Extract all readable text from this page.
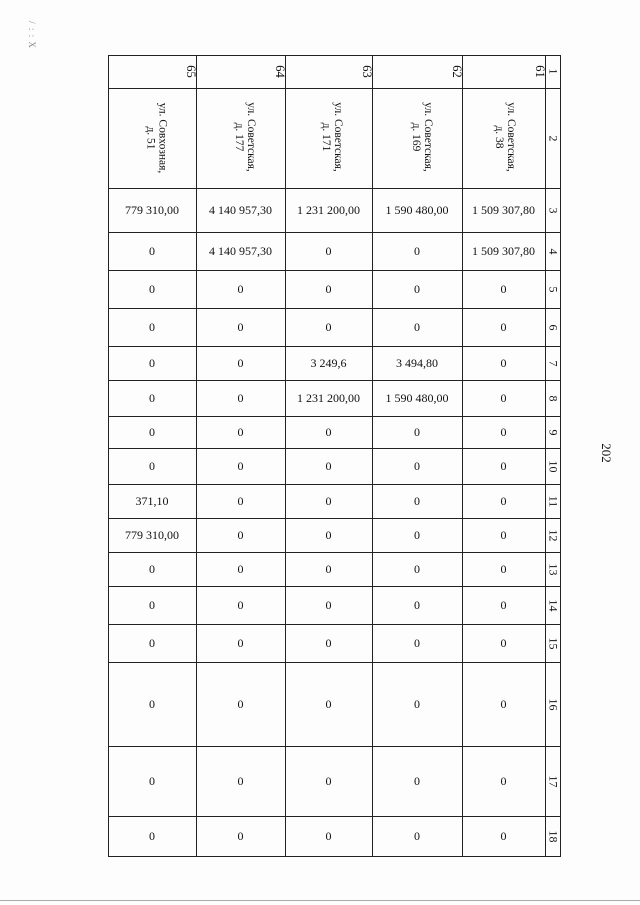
/ : : X
1
2
3
4
5
6
7
8
9
10
11
12
13
14
15
16
17
18
65
ул. Совхозная,
д. 51
779 310,00
0
0
0
0
0
0
0
371,10
779 310,00
0
0
0
0
0
0
64
ул. Советская,
д. 177
4 140 957,30
4 140 957,30
0
0
0
0
0
0
0
0
0
0
0
0
0
0
63
ул. Советская,
д. 171
1 231 200,00
0
0
0
3 249,6
1 231 200,00
0
0
0
0
0
0
0
0
0
0
62
ул. Советская,
д. 169
1 590 480,00
0
0
0
3 494,80
1 590 480,00
0
0
0
0
0
0
0
0
0
0
61
ул. Советская,
д. 38
1 509 307,80
1 509 307,80
0
0
0
0
0
0
0
0
0
0
0
0
0
0
202
